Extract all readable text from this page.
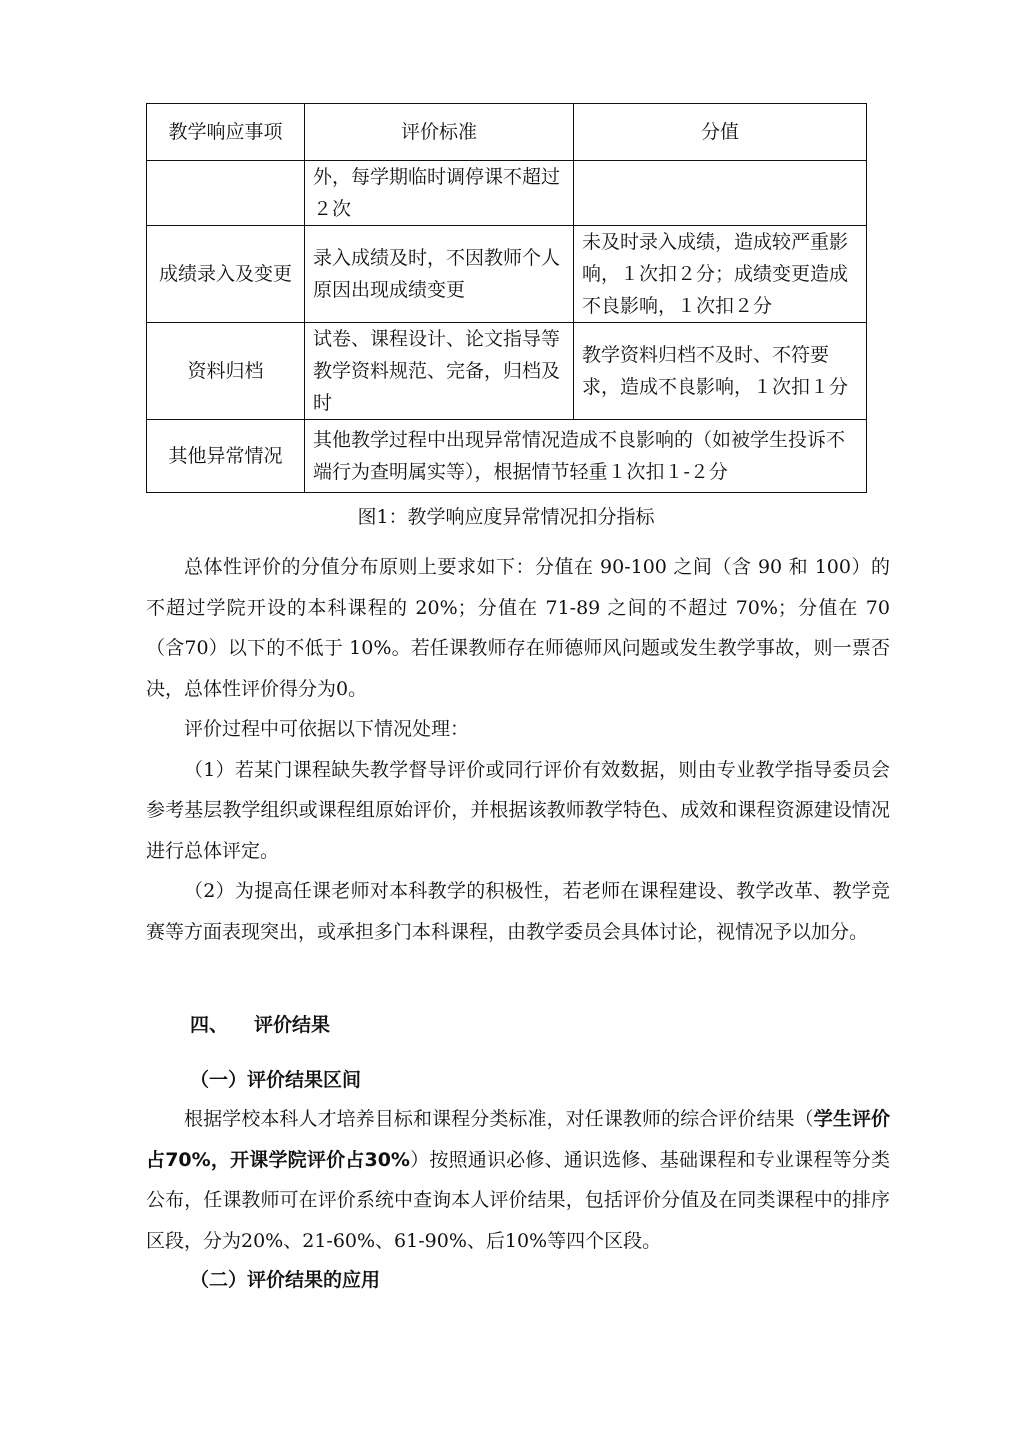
教学响应事项	评价标准	分值
	外，每学期临时调停课不超过２次	
成绩录入及变更	录入成绩及时，不因教师个人原因出现成绩变更	未及时录入成绩，造成较严重影响，１次扣２分；成绩变更造成不良影响，１次扣２分
资料归档	试卷、课程设计、论文指导等教学资料规范、完备，归档及时	教学资料归档不及时、不符要求，造成不良影响，１次扣１分
其他异常情况	其他教学过程中出现异常情况造成不良影响的（如被学生投诉不端行为查明属实等），根据情节轻重１次扣１-２分	
图1：教学响应度异常情况扣分指标

总体性评价的分值分布原则上要求如下：分值在 90-100 之间（含 90 和 100）的不超过学院开设的本科课程的 20%；分值在 71-89 之间的不超过 70%；分值在 70（含70）以下的不低于 10%。若任课教师存在师德师风问题或发生教学事故，则一票否决，总体性评价得分为0。

评价过程中可依据以下情况处理：

（1）若某门课程缺失教学督导评价或同行评价有效数据，则由专业教学指导委员会参考基层教学组织或课程组原始评价，并根据该教师教学特色、成效和课程资源建设情况进行总体评定。

（2）为提高任课老师对本科教学的积极性，若老师在课程建设、教学改革、教学竞赛等方面表现突出，或承担多门本科课程，由教学委员会具体讨论，视情况予以加分。

四、 评价结果
（一）评价结果区间

根据学校本科人才培养目标和课程分类标准，对任课教师的综合评价结果（学生评价占70%，开课学院评价占30%）按照通识必修、通识选修、基础课程和专业课程等分类公布，任课教师可在评价系统中查询本人评价结果，包括评价分值及在同类课程中的排序区段，分为20%、21-60%、61-90%、后10%等四个区段。

（二）评价结果的应用
